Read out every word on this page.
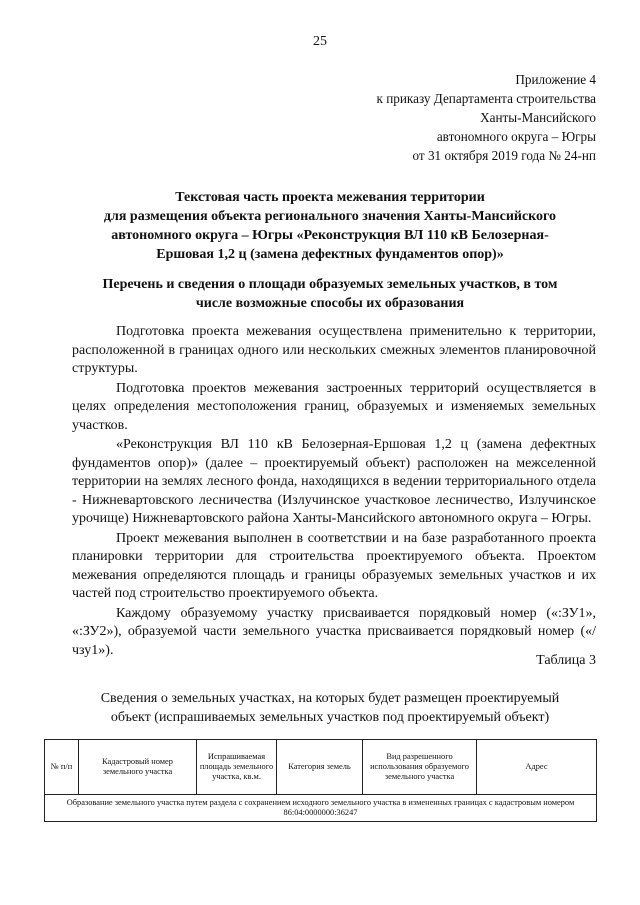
25
Приложение 4
к приказу Департамента строительства
Ханты-Мансийского
автономного округа – Югры
от 31 октября 2019 года № 24-нп
Текстовая часть проекта межевания территории
для размещения объекта регионального значения Ханты-Мансийского
автономного округа – Югры «Реконструкция ВЛ 110 кВ Белозерная-
Ершовая 1,2 ц (замена дефектных фундаментов опор)»
Перечень и сведения о площади образуемых земельных участков, в том
числе возможные способы их образования

Подготовка проекта межевания осуществлена применительно к территории, расположенной в границах одного или нескольких смежных элементов планировочной структуры.

Подготовка проектов межевания застроенных территорий осуществляется в целях определения местоположения границ, образуемых и изменяемых земельных участков.

«Реконструкция ВЛ 110 кВ Белозерная-Ершовая 1,2 ц (замена дефектных фундаментов опор)» (далее – проектируемый объект) расположен на межселенной территории на землях лесного фонда, находящихся в ведении территориального отдела - Нижневартовского лесничества (Излучинское участковое лесничество, Излучинское урочище) Нижневартовского района Ханты-Мансийского автономного округа – Югры.

Проект межевания выполнен в соответствии и на базе разработанного проекта планировки территории для строительства проектируемого объекта. Проектом межевания определяются площадь и границы образуемых земельных участков и их частей под строительство проектируемого объекта.

Каждому образуемому участку присваивается порядковый номер («:ЗУ1», «:ЗУ2»), образуемой части земельного участка присваивается порядковый номер («/чзу1»).

Таблица 3
Сведения о земельных участках, на которых будет размещен проектируемый
объект (испрашиваемых земельных участков под проектируемый объект)
№ п/п	Кадастровый номер земельного участка	Испрашиваемая площадь земельного участка, кв.м.	Категория земель	Вид разрешенного использования образуемого земельного участка	Адрес
Образование земельного участка путем раздела с сохранением исходного земельного участка в измененных границах с кадастровым номером 86:04:0000000:36247
